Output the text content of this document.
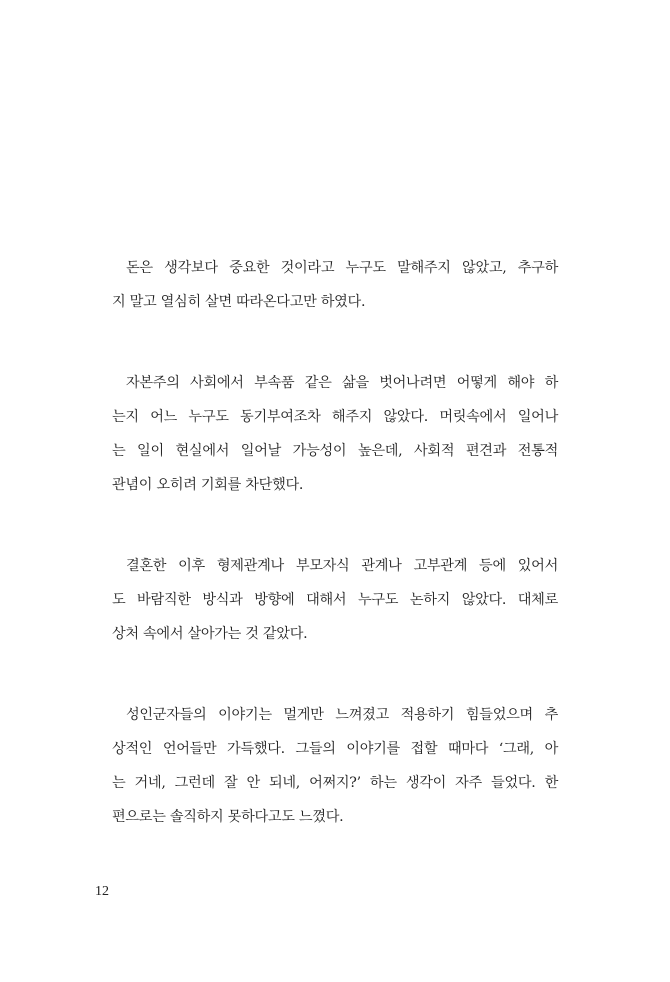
돈은 생각보다 중요한 것이라고 누구도 말해주지 않았고, 추구하
지 말고 열심히 살면 따라온다고만 하였다.

자본주의 사회에서 부속품 같은 삶을 벗어나려면 어떻게 해야 하
는지 어느 누구도 동기부여조차 해주지 않았다. 머릿속에서 일어나
는 일이 현실에서 일어날 가능성이 높은데, 사회적 편견과 전통적
관념이 오히려 기회를 차단했다.

결혼한 이후 형제관계나 부모자식 관계나 고부관계 등에 있어서
도 바람직한 방식과 방향에 대해서 누구도 논하지 않았다. 대체로
상처 속에서 살아가는 것 같았다.

성인군자들의 이야기는 멀게만 느껴졌고 적용하기 힘들었으며 추
상적인 언어들만 가득했다. 그들의 이야기를 접할 때마다 ‘그래, 아
는 거네, 그런데 잘 안 되네, 어쩌지?’ 하는 생각이 자주 들었다. 한
편으로는 솔직하지 못하다고도 느꼈다.

12
